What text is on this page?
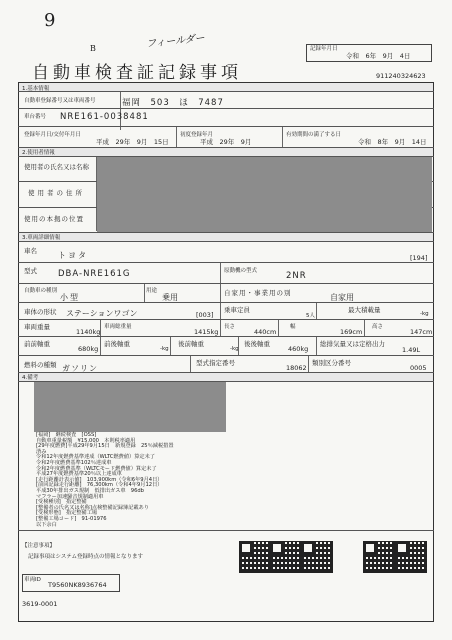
9
B	フィールダー	記録年月日
令和　6年　9月　4日
自動車検査証記録事項	911240324623
1.基本情報
自動車登録番号又は車両番号	福岡　503　ほ　7487
車台番号 NRE161-0038481
登録年月日/交付年月日
平成　29年　9月　15日
初度登録年月
平成　29年　9月
有効期間の満了する日
令和　8年　9月　14日
2.使用者情報
使用者の氏名又は名称
使用者の住所
使用の本拠の位置
3.車両詳細情報
車名	トヨタ	[194]
型式 DBA-NRE161G	原動機の型式	2NR
自動車の種別
小型
用途
乗用	自家用・事業用の別	自家用
車体の形状 ステーションワゴン	[003]
乗車定員
5人
最大積載量	-kg
車両重量
1140kg
車両総重量
1415kg
長さ
440cm
幅
169cm
高さ
147cm
前前軸重
680kg
前後軸重
-kg
後前軸重
-kg
後後軸重
460kg
総排気量又は定格出力
1.49L
燃料の種類 ガソリン
型式指定番号
18062
類別区分番号
0005
4.備考
[福岡]　継続検査　[OSS]
自動車重量税額　¥15,000　本則税率適用
[29年度燃費]平成29年9月15日　新規登録　25％減税措置
済み
令和12年度燃費基準達成（WLTC燃費値）算定未了
令和2年度燃費基準102％達成車
令和2年度燃費基準（WLTCモード燃費値）算定未了
平成27年度燃費基準20％以上達成車
[走行距離計表示値]　103,900km（令和6年9月4日）
[前回記録走行距離]　76,300km（令和4年9月12日）
平成30年排出ガス規制　低排出ガス車　96db
マフラー加速騒音規制適用車
[受検種別]　指定整備
[整備者の氏名又は名称]点検整備記録簿記載あり
[受検形態]　指定整備工場
[整備工場コード]　91-01976
以下余白
【注意事項】
記録事項はシステム登録時点の情報となります
車両ID
T9560NK8936764
3619-0001
